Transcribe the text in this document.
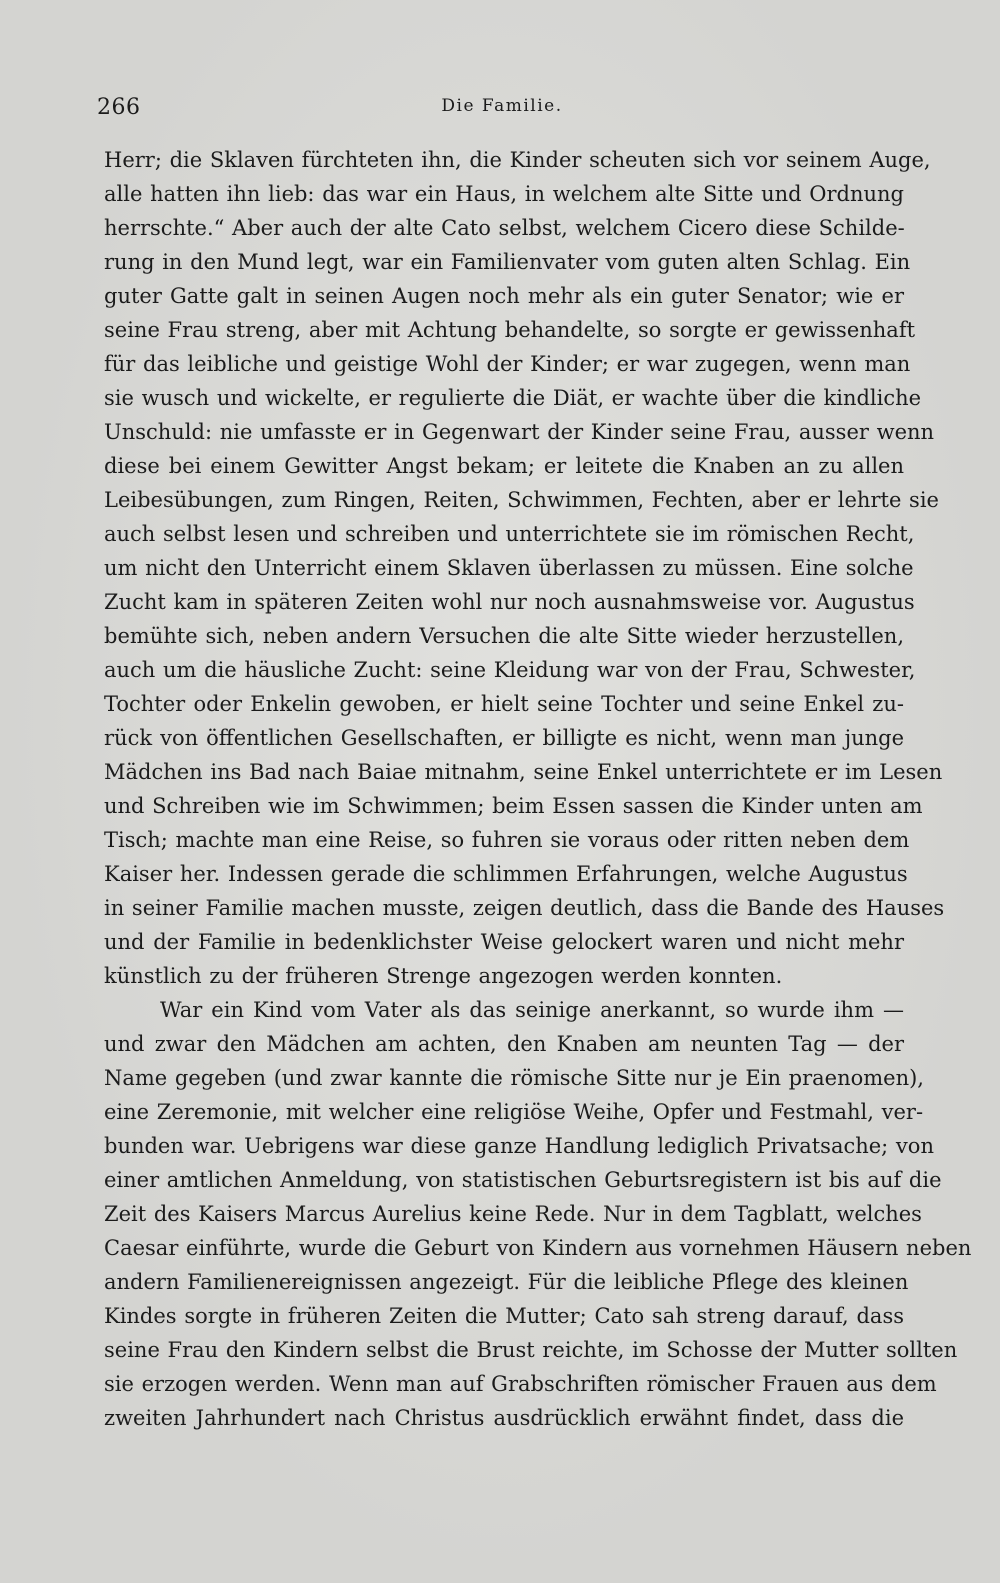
266	Die Familie.
Herr; die Sklaven fürchteten ihn, die Kinder scheuten sich vor seinem Auge,
alle hatten ihn lieb: das war ein Haus, in welchem alte Sitte und Ordnung
herrschte.“ Aber auch der alte Cato selbst, welchem Cicero diese Schilde-
rung in den Mund legt, war ein Familienvater vom guten alten Schlag. Ein
guter Gatte galt in seinen Augen noch mehr als ein guter Senator; wie er
seine Frau streng, aber mit Achtung behandelte, so sorgte er gewissenhaft
für das leibliche und geistige Wohl der Kinder; er war zugegen, wenn man
sie wusch und wickelte, er regulierte die Diät, er wachte über die kindliche
Unschuld: nie umfasste er in Gegenwart der Kinder seine Frau, ausser wenn
diese bei einem Gewitter Angst bekam; er leitete die Knaben an zu allen
Leibesübungen, zum Ringen, Reiten, Schwimmen, Fechten, aber er lehrte sie
auch selbst lesen und schreiben und unterrichtete sie im römischen Recht,
um nicht den Unterricht einem Sklaven überlassen zu müssen. Eine solche
Zucht kam in späteren Zeiten wohl nur noch ausnahmsweise vor. Augustus
bemühte sich, neben andern Versuchen die alte Sitte wieder herzustellen,
auch um die häusliche Zucht: seine Kleidung war von der Frau, Schwester,
Tochter oder Enkelin gewoben, er hielt seine Tochter und seine Enkel zu-
rück von öffentlichen Gesellschaften, er billigte es nicht, wenn man junge
Mädchen ins Bad nach Baiae mitnahm, seine Enkel unterrichtete er im Lesen
und Schreiben wie im Schwimmen; beim Essen sassen die Kinder unten am
Tisch; machte man eine Reise, so fuhren sie voraus oder ritten neben dem
Kaiser her. Indessen gerade die schlimmen Erfahrungen, welche Augustus
in seiner Familie machen musste, zeigen deutlich, dass die Bande des Hauses
und der Familie in bedenklichster Weise gelockert waren und nicht mehr
künstlich zu der früheren Strenge angezogen werden konnten.
War ein Kind vom Vater als das seinige anerkannt, so wurde ihm —
und zwar den Mädchen am achten, den Knaben am neunten Tag — der
Name gegeben (und zwar kannte die römische Sitte nur je Ein praenomen),
eine Zeremonie, mit welcher eine religiöse Weihe, Opfer und Festmahl, ver-
bunden war. Uebrigens war diese ganze Handlung lediglich Privatsache; von
einer amtlichen Anmeldung, von statistischen Geburtsregistern ist bis auf die
Zeit des Kaisers Marcus Aurelius keine Rede. Nur in dem Tagblatt, welches
Caesar einführte, wurde die Geburt von Kindern aus vornehmen Häusern neben
andern Familienereignissen angezeigt. Für die leibliche Pflege des kleinen
Kindes sorgte in früheren Zeiten die Mutter; Cato sah streng darauf, dass
seine Frau den Kindern selbst die Brust reichte, im Schosse der Mutter sollten
sie erzogen werden. Wenn man auf Grabschriften römischer Frauen aus dem
zweiten Jahrhundert nach Christus ausdrücklich erwähnt findet, dass die
